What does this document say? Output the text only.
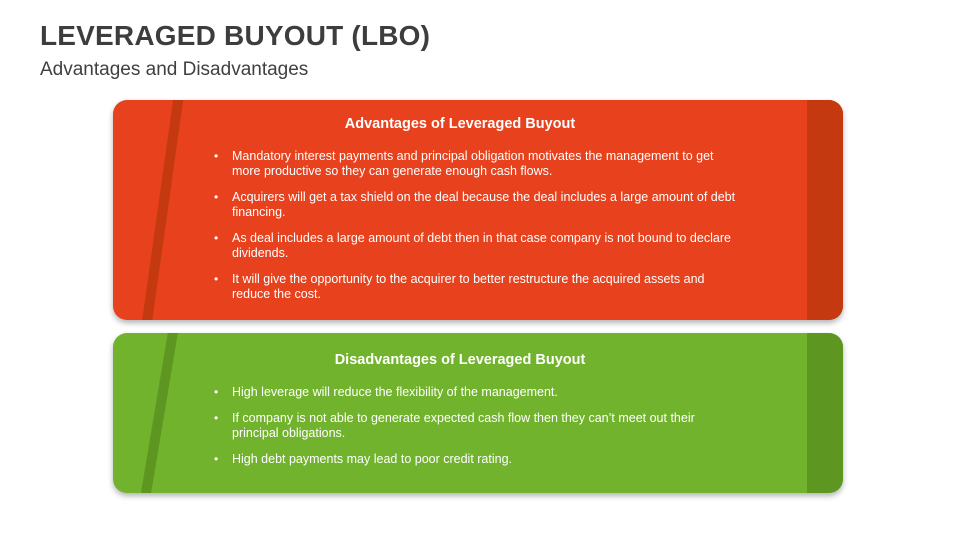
LEVERAGED BUYOUT (LBO)
Advantages and Disadvantages
Advantages of Leveraged Buyout
• Mandatory interest payments and principal obligation motivates the management to get more productive so they can generate enough cash flows.
• Acquirers will get a tax shield on the deal because the deal includes a large amount of debt financing.
• As deal includes a large amount of debt then in that case company is not bound to declare dividends.
• It will give the opportunity to the acquirer to better restructure the acquired assets and reduce the cost.
Disadvantages of Leveraged Buyout
• High leverage will reduce the flexibility of the management.
• If company is not able to generate expected cash flow then they can’t meet out their principal obligations.
• High debt payments may lead to poor credit rating.
